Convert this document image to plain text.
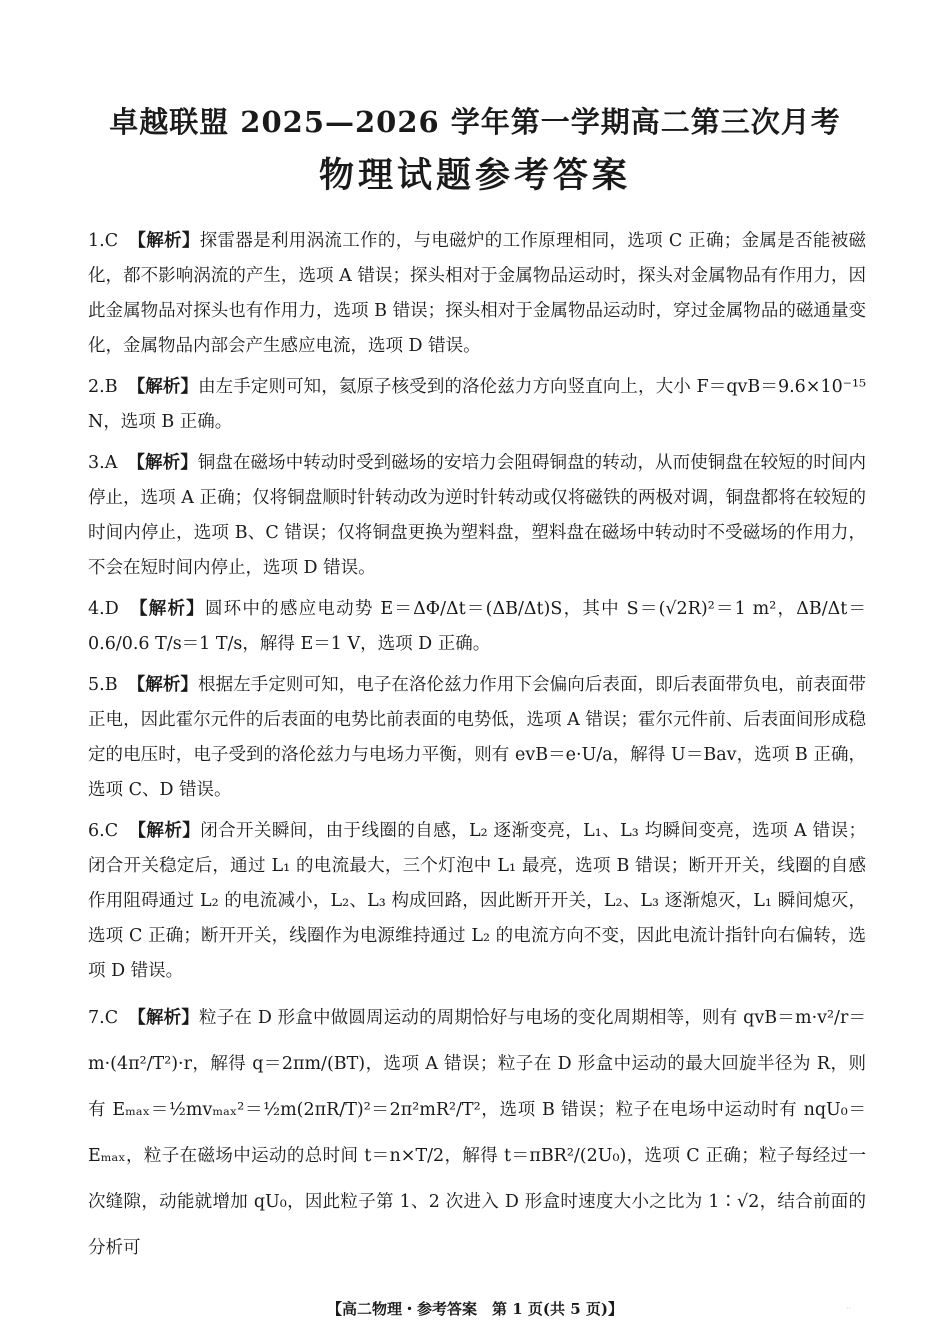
卓越联盟 2025—2026 学年第一学期高二第三次月考
物理试题参考答案
1.C 【解析】探雷器是利用涡流工作的，与电磁炉的工作原理相同，选项 C 正确；金属是否能被磁化，都不影响涡流的产生，选项 A 错误；探头相对于金属物品运动时，探头对金属物品有作用力，因此金属物品对探头也有作用力，选项 B 错误；探头相对于金属物品运动时，穿过金属物品的磁通量变化，金属物品内部会产生感应电流，选项 D 错误。
2.B 【解析】由左手定则可知，氦原子核受到的洛伦兹力方向竖直向上，大小 F＝qvB＝9.6×10⁻¹⁵ N，选项 B 正确。
3.A 【解析】铜盘在磁场中转动时受到磁场的安培力会阻碍铜盘的转动，从而使铜盘在较短的时间内停止，选项 A 正确；仅将铜盘顺时针转动改为逆时针转动或仅将磁铁的两极对调，铜盘都将在较短的时间内停止，选项 B、C 错误；仅将铜盘更换为塑料盘，塑料盘在磁场中转动时不受磁场的作用力，不会在短时间内停止，选项 D 错误。
4.D 【解析】圆环中的感应电动势 E＝ΔΦ/Δt＝(ΔB/Δt)S，其中 S＝(√2R)²＝1 m²，ΔB/Δt＝0.6/0.6 T/s＝1 T/s，解得 E＝1 V，选项 D 正确。
5.B 【解析】根据左手定则可知，电子在洛伦兹力作用下会偏向后表面，即后表面带负电，前表面带正电，因此霍尔元件的后表面的电势比前表面的电势低，选项 A 错误；霍尔元件前、后表面间形成稳定的电压时，电子受到的洛伦兹力与电场力平衡，则有 evB＝e·U/a，解得 U＝Bav，选项 B 正确，选项 C、D 错误。
6.C 【解析】闭合开关瞬间，由于线圈的自感，L₂ 逐渐变亮，L₁、L₃ 均瞬间变亮，选项 A 错误；闭合开关稳定后，通过 L₁ 的电流最大，三个灯泡中 L₁ 最亮，选项 B 错误；断开开关，线圈的自感作用阻碍通过 L₂ 的电流减小，L₂、L₃ 构成回路，因此断开开关，L₂、L₃ 逐渐熄灭，L₁ 瞬间熄灭，选项 C 正确；断开开关，线圈作为电源维持通过 L₂ 的电流方向不变，因此电流计指针向右偏转，选项 D 错误。
7.C 【解析】粒子在 D 形盒中做圆周运动的周期恰好与电场的变化周期相等，则有 qvB＝m·v²/r＝m·(4π²/T²)·r，解得 q＝2πm/(BT)，选项 A 错误；粒子在 D 形盒中运动的最大回旋半径为 R，则有 Eₘₐₓ＝½mvₘₐₓ²＝½m(2πR/T)²＝2π²mR²/T²，选项 B 错误；粒子在电场中运动时有 nqU₀＝Eₘₐₓ，粒子在磁场中运动的总时间 t＝n×T/2，解得 t＝πBR²/(2U₀)，选项 C 正确；粒子每经过一次缝隙，动能就增加 qU₀，因此粒子第 1、2 次进入 D 形盒时速度大小之比为 1∶√2，结合前面的分析可
【高二物理・参考答案　第 1 页(共 5 页)】	··
